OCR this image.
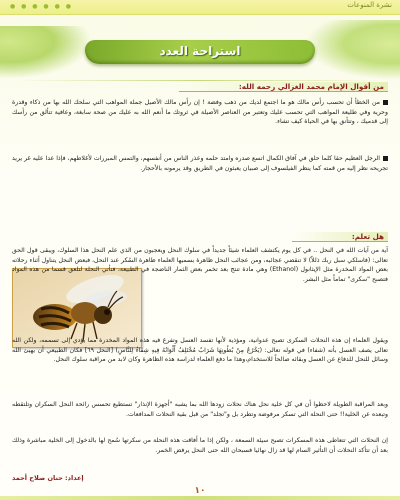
نشرة المنوعات
● ● ● ● ● ●
استراحة العدد
من أقوال الإمام محمد الغزالي رحمه الله:
من الخطأ أن تحسب رأس مالك هو ما اجتمع لديك من ذهب وفضة ! إن رأس مالك الأصيل جملة المواهب التي سلحك الله بها من ذكاء وقدرة وحرية وفي طليعة المواهب التي تحسب عليك وتعتبر من العناصر الأصيلة في ثروتك ما أنعم الله به عليك من صحة سابغة، وعافية تتألق من رأسك إلى قدميك ، وتتأنق بها في الحياة كيف تشاء.
الرجل العظيم حقا كلما حلق في آفاق الكمال اتسع صدره وامتد حلمه وعذر الناس من أنفسهم، والتمس المبررات لأغلاطهم، فإذا عدا عليه غر يريد تجريحه نظر إليه من قمته كما ينظر الفيلسوف إلى صبيان يعبثون في الطريق وقد يرمونه بالأحجار.
هل تعلم:
آية من آيات الله في النحل .. في كل يوم يكتشف العلماء شيئاً جديداً في سلوك النحل ويعجبون من الذي علم النحل هذا السلوك، ويبقى قول الحق تعالى: (فاسلكي سبل ربك ذللاً) لا تنقضي عجائبه، ومن عجائب النحل ظاهرة بسميها العلماء ظاهرة السُكر عند النحل، فبعض النحل يتناول أثناء رحلاته بعض المواد المخدرة مثل الإيثانول (Ethanol) وهي مادة تنتج بعد تخمر بعض الثمار الناضجة في الطبيعة، فتأتي النحلة لتلعق قسما من هذه المواد فتصبح "سكرى" تماماً مثل البشر.
ويقول العلماء إن هذه النحلات السكرى تصبح عدوانية، ومؤذية لأنها تفسد العسل وتفرغ فيه هذه المواد المخدرة مما يؤدي إلى تسممه، ولكن الله تعالى يصف العسل بأنه (شفاء) في قوله تعالى: (يَخْرُجُ مِنْ بُطُونِهَا شَرَابٌ مُخْتَلِفٌ أَلْوَانُهُ فِيهِ شِفَاءٌ لِلنَّاسِ) [النحل ٦٩] فكان الطبيعي أن يهيئ الله وسائل للنحل للدفاع عن العسل وبقائه صالحاً للاستخدام،وهذا ما دفع العلماء لدراسة هذه الظاهرة وكان لابد من مراقبة سلوك النحل.
وبعد المراقبة الطويلة لاحظوا أن في كل خلية نحل هناك نحلات زودها الله بما يشبه "أجهزة الإنذار" تستطيع تحسس رائحة النحل السكران وتلتقطه وتبعده عن الخلية!! حتى النحلة التي تسكر مرفوضة وتطرد بل و"تجلد" من قبل بقية النحلات المدافعات.
إن النحلات التي تتعاطى هذه المسكرات تصبح سيئة السمعة ، ولكن إذا ما أفاقت هذه النحلة من سكرتها سُمح لها بالدخول إلى الخلية مباشرة وذلك بعد أن تتأكد النحلات أن التأثير السام لها قد زال نهائيا فسبحان الله حتى النحل يرفض الخمر.
إعداد: حنان صلاح أحمد
١٠
